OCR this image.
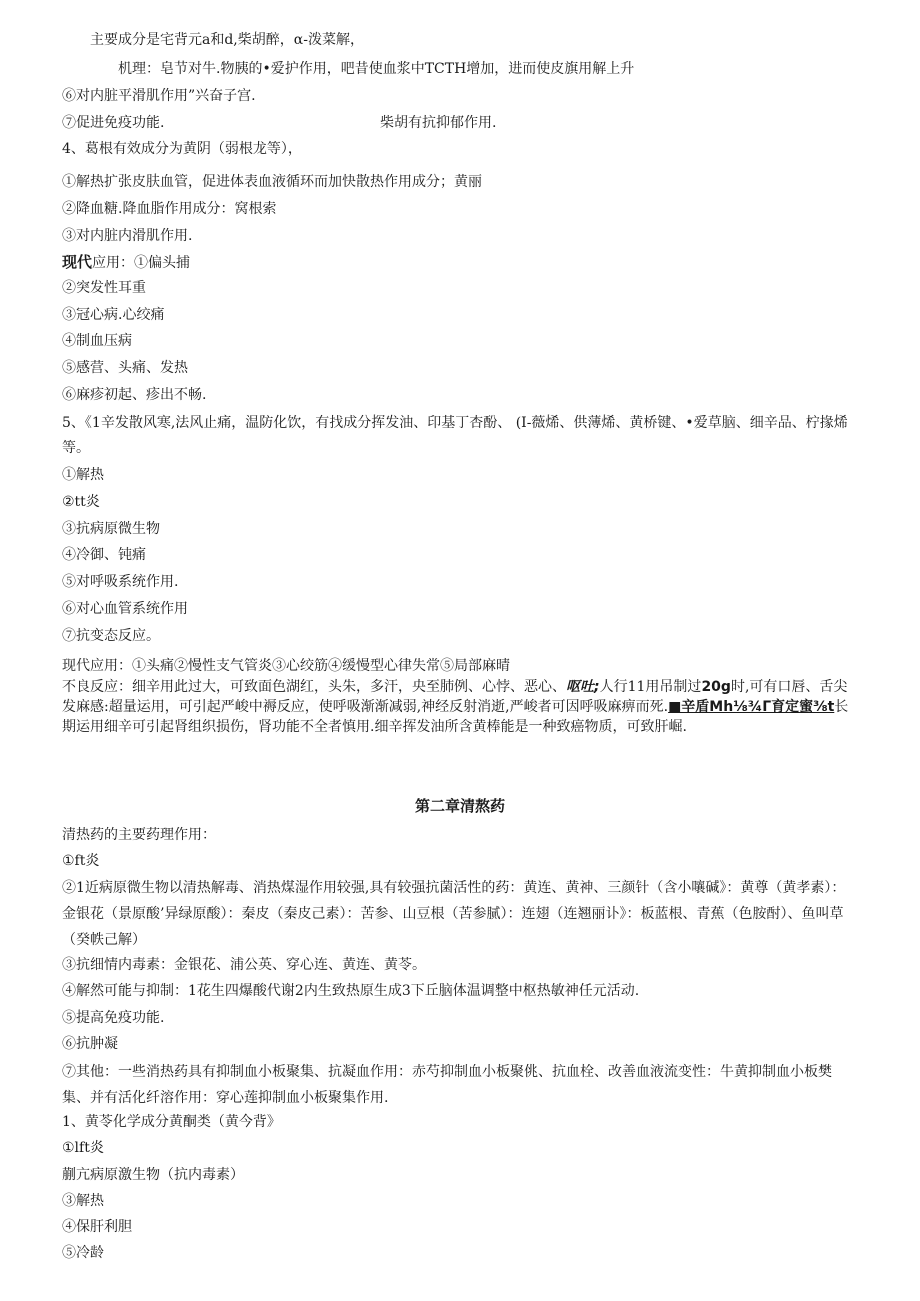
主要成分是宅背元a和d,柴胡醉，α-泼菜解，
机理：皂节对牛.物胰的•爱护作用，吧昔使血浆中TCTH增加，进而使皮旗用解上升
⑥对内脏平滑肌作用”兴奋子宫.
⑦促进免疫功能.	柴胡有抗抑郁作用.
4、葛根有效成分为黄阴（弱根龙等），
①解热扩张皮肤血管，促进体表血液循环而加快散热作用成分；黄丽
②降血糖.降血脂作用成分：窝根索
③对内脏内滑肌作用.
现代应用：①偏头捕
②突发性耳重
③冠心病.心绞痛
④制血压病
⑤感营、头痛、发热
⑥麻疹初起、疹出不畅.
5、《1辛发散风寒,法风止痛，温防化饮，有找成分挥发油、印基丁杏酚、 (I-薇烯、供薄烯、黄桥键、•爱草脑、细辛品、柠掾烯等。
①解热
②tt炎
③抗病原微生物
④冷御、钝痛
⑤对呼吸系统作用.
⑥对心血管系统作用
⑦抗变态反应。
现代应用：①头痛②慢性支气管炎③心绞筋④缓慢型心律失常⑤局部麻晴
不良反应：细辛用此过大，可致面色湖红，头朱，多汗，央至肺例、心悖、恶心、呕吐;人行11用吊制过20g时,可有口唇、舌尖发麻感:超量运用，可引起严峻中褥反应，使呼吸渐渐减弱,神经反射消逝,严峻者可因呼吸麻痹而死.■辛盾Mh⅛¾Γ育定蜜⅜t长期运用细辛可引起肾组织损伤，肾功能不全者慎用.细辛挥发油所含黄棒能是一种致癌物质，可致肝崛.
第二章清熬药
清热药的主要药理作用：
①ft炎
②1近病原微生物以清热解毒、消热煤湿作用较强,具有较强抗菌活性的药：黄连、黄神、三颜针（含小嚷碱》：黄尊（黄孝素）：金银花（景原酸’异绿原酸）：秦皮（秦皮己素）：苦参、山豆根（苦参腻）：连翅（连翘丽讣》：板蓝根、青蕉（色胺酎）、鱼叫草（癸帙己解）
③抗细情内毒素：金银花、浦公英、穿心连、黄连、黄苓。
④解然可能与抑制：1花生四爆酸代谢2内生致热原生成3下丘脑体温调整中枢热敏神任元活动.
⑤提高免疫功能.
⑥抗肿凝
⑦其他：一些消热药具有抑制血小板聚集、抗凝血作用：赤芍抑制血小板聚佻、抗血栓、改善血液流变性：牛黄抑制血小板樊集、并有活化纤溶作用：穿心莲抑制血小板聚集作用.
1、黄苓化学成分黄酮类（黄今背》
①lft炎
蒯亢病原激生物（抗内毒素）
③解热
④保肝利胆
⑤冷龄
